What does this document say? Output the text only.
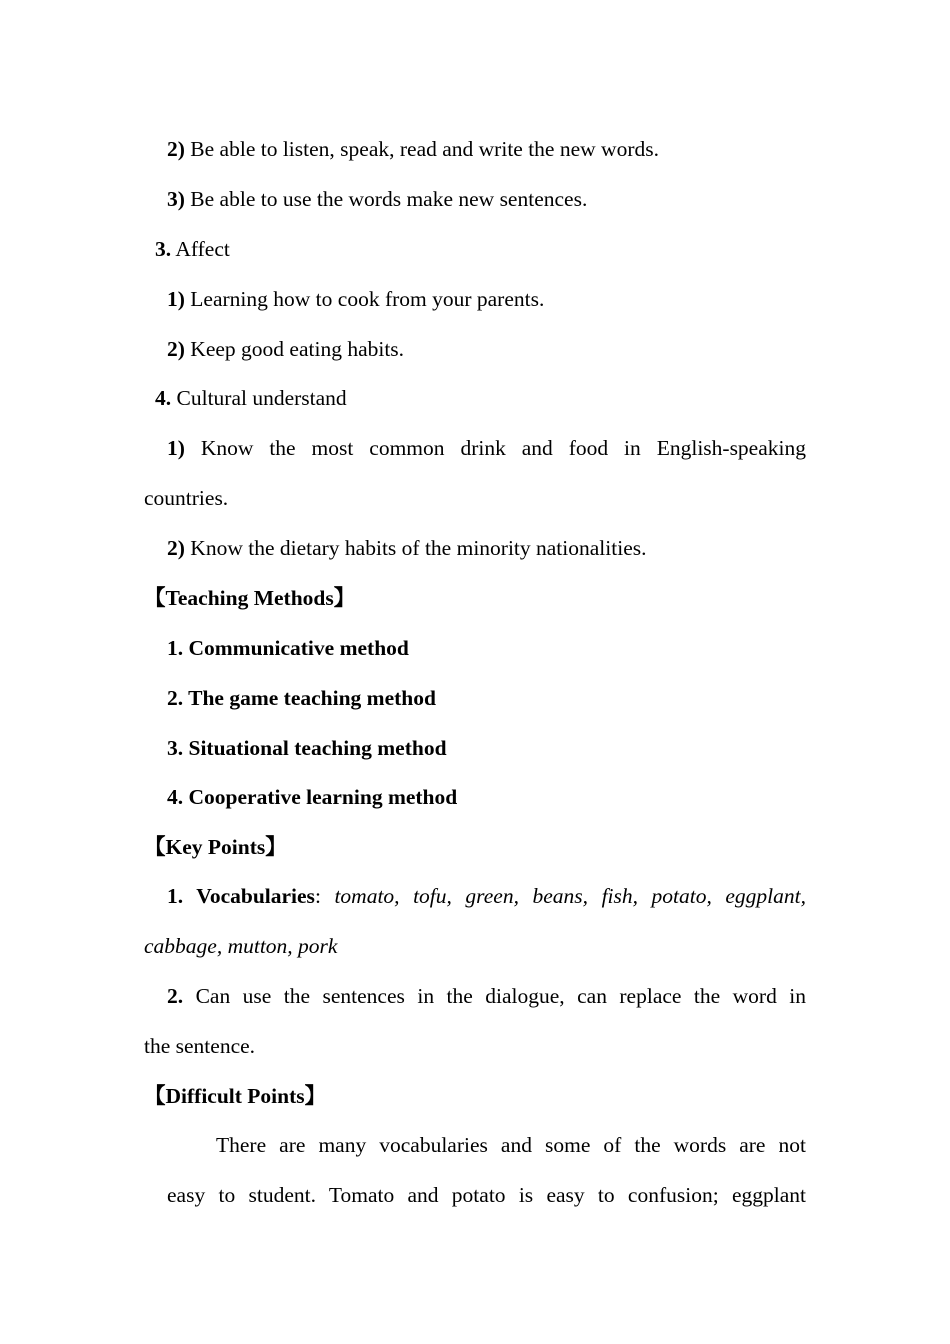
2) Be able to listen, speak, read and write the new words.
3) Be able to use the words make new sentences.
3. Affect
1) Learning how to cook from your parents.
2) Keep good eating habits.
4. Cultural understand
1) Know the most common drink and food in English-speaking
countries.
2) Know the dietary habits of the minority nationalities.
【Teaching Methods】
1. Communicative method
2. The game teaching method
3. Situational teaching method
4. Cooperative learning method
【Key Points】
1. Vocabularies: tomato, tofu, green, beans, fish, potato, eggplant,
cabbage, mutton, pork
2. Can use the sentences in the dialogue, can replace the word in
the sentence.
【Difficult Points】
There are many vocabularies and some of the words are not
easy to student. Tomato and potato is easy to confusion; eggplant
